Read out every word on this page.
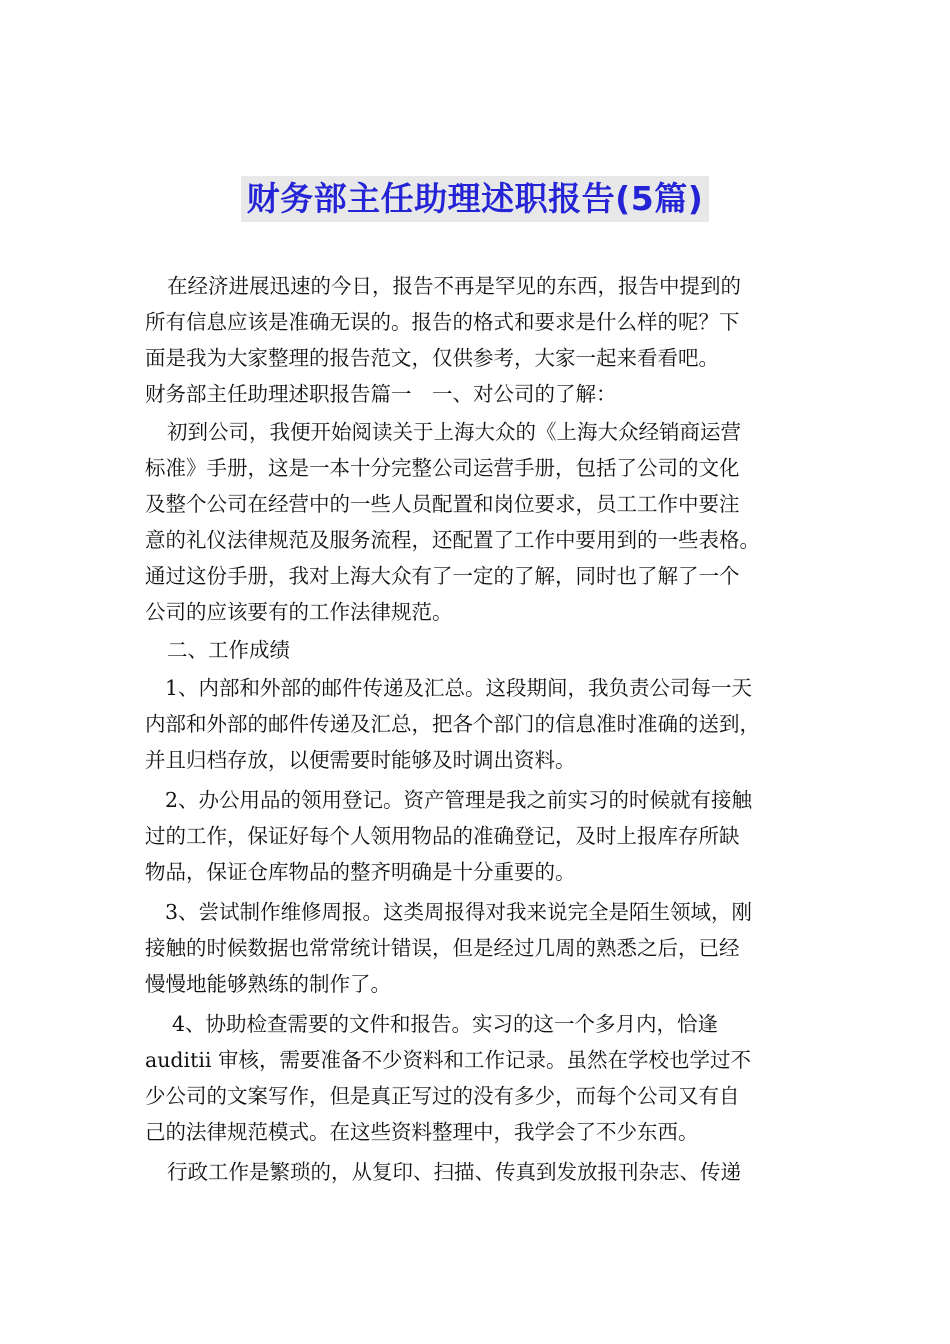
财务部主任助理述职报告(5篇)
在经济进展迅速的今日，报告不再是罕见的东西，报告中提到的
所有信息应该是准确无误的。报告的格式和要求是什么样的呢？下
面是我为大家整理的报告范文，仅供参考，大家一起来看看吧。
财务部主任助理述职报告篇一　一、对公司的了解：
初到公司，我便开始阅读关于上海大众的《上海大众经销商运营
标准》手册，这是一本十分完整公司运营手册，包括了公司的文化
及整个公司在经营中的一些人员配置和岗位要求，员工工作中要注
意的礼仪法律规范及服务流程，还配置了工作中要用到的一些表格。
通过这份手册，我对上海大众有了一定的了解，同时也了解了一个
公司的应该要有的工作法律规范。
二、工作成绩
1、内部和外部的邮件传递及汇总。这段期间，我负责公司每一天
内部和外部的邮件传递及汇总，把各个部门的信息准时准确的送到，
并且归档存放，以便需要时能够及时调出资料。
2、办公用品的领用登记。资产管理是我之前实习的时候就有接触
过的工作，保证好每个人领用物品的准确登记，及时上报库存所缺
物品，保证仓库物品的整齐明确是十分重要的。
3、尝试制作维修周报。这类周报得对我来说完全是陌生领域，刚
接触的时候数据也常常统计错误，但是经过几周的熟悉之后，已经
慢慢地能够熟练的制作了。
4、协助检查需要的文件和报告。实习的这一个多月内，恰逢
auditⅱ 审核，需要准备不少资料和工作记录。虽然在学校也学过不
少公司的文案写作，但是真正写过的没有多少，而每个公司又有自
己的法律规范模式。在这些资料整理中，我学会了不少东西。
行政工作是繁琐的，从复印、扫描、传真到发放报刊杂志、传递
